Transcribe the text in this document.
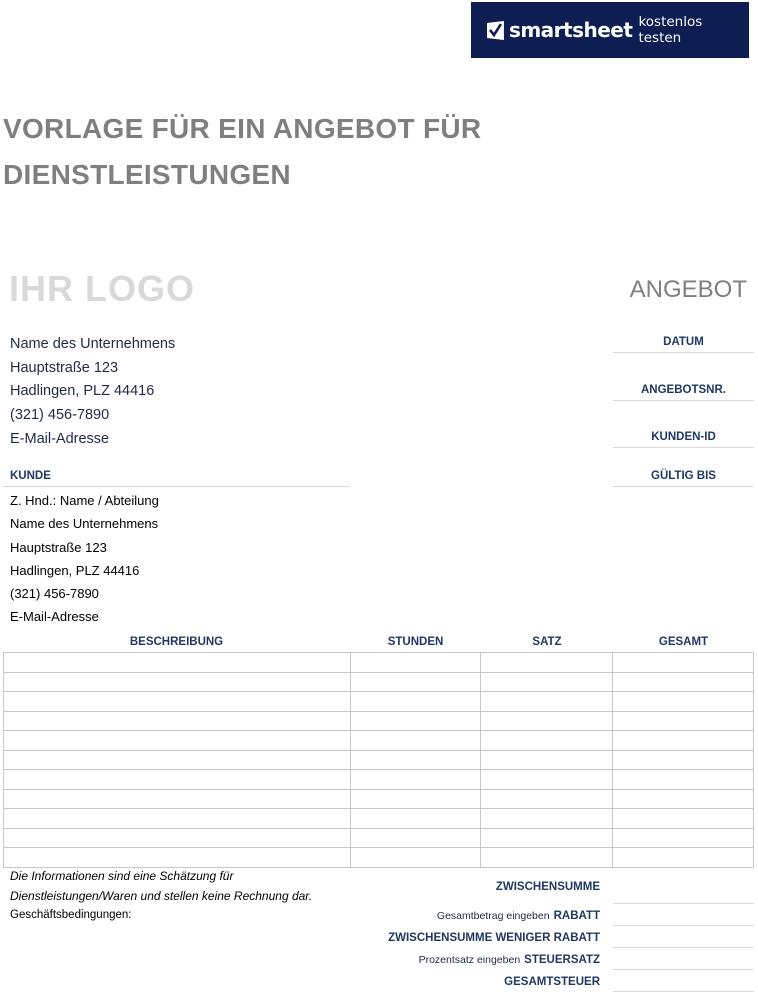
smartsheet kostenlos testen
VORLAGE FÜR EIN ANGEBOT FÜR DIENSTLEISTUNGEN
IHR LOGO	ANGEBOT
Name des Unternehmens
Hauptstraße 123
Hadlingen, PLZ 44416
(321) 456-7890
E-Mail-Adresse
DATUM
ANGEBOTSNR.
KUNDEN-ID
GÜLTIG BIS
KUNDE
Z. Hnd.: Name / Abteilung
Name des Unternehmens
Hauptstraße 123
Hadlingen, PLZ 44416
(321) 456-7890
E-Mail-Adresse
BESCHREIBUNG	STUNDEN	SATZ	GESAMT

Die Informationen sind eine Schätzung für
Dienstleistungen/Waren und stellen keine Rechnung dar.
Geschäftsbedingungen:
ZWISCHENSUMME
Gesamtbetrag eingeben RABATT
ZWISCHENSUMME WENIGER RABATT
Prozentsatz eingeben STEUERSATZ
GESAMTSTEUER
